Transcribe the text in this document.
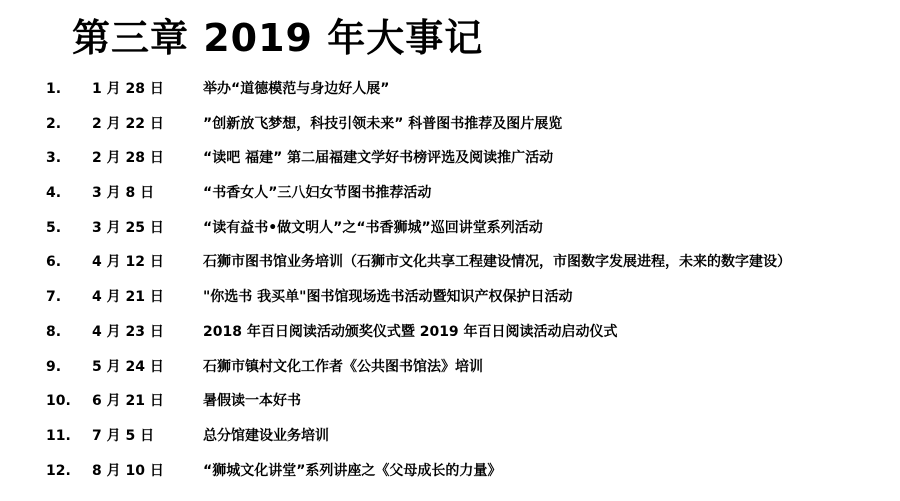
第三章 2019 年大事记
1. 1 月 28 日	举办“道德模范与身边好人展”
2. 2 月 22 日	”创新放飞梦想，科技引领未来” 科普图书推荐及图片展览
3. 2 月 28 日	“读吧 福建” 第二届福建文学好书榜评选及阅读推广活动
4. 3 月 8 日	“书香女人”三八妇女节图书推荐活动
5. 3 月 25 日	“读有益书•做文明人”之“书香狮城”巡回讲堂系列活动
6. 4 月 12 日	石狮市图书馆业务培训（石狮市文化共享工程建设情况，市图数字发展进程，未来的数字建设）
7. 4 月 21 日	"你选书 我买单"图书馆现场选书活动暨知识产权保护日活动
8. 4 月 23 日	2018 年百日阅读活动颁奖仪式暨 2019 年百日阅读活动启动仪式
9. 5 月 24 日	石狮市镇村文化工作者《公共图书馆法》培训
10. 6 月 21 日	暑假读一本好书
11. 7 月 5 日	总分馆建设业务培训
12. 8 月 10 日	“狮城文化讲堂”系列讲座之《父母成长的力量》
